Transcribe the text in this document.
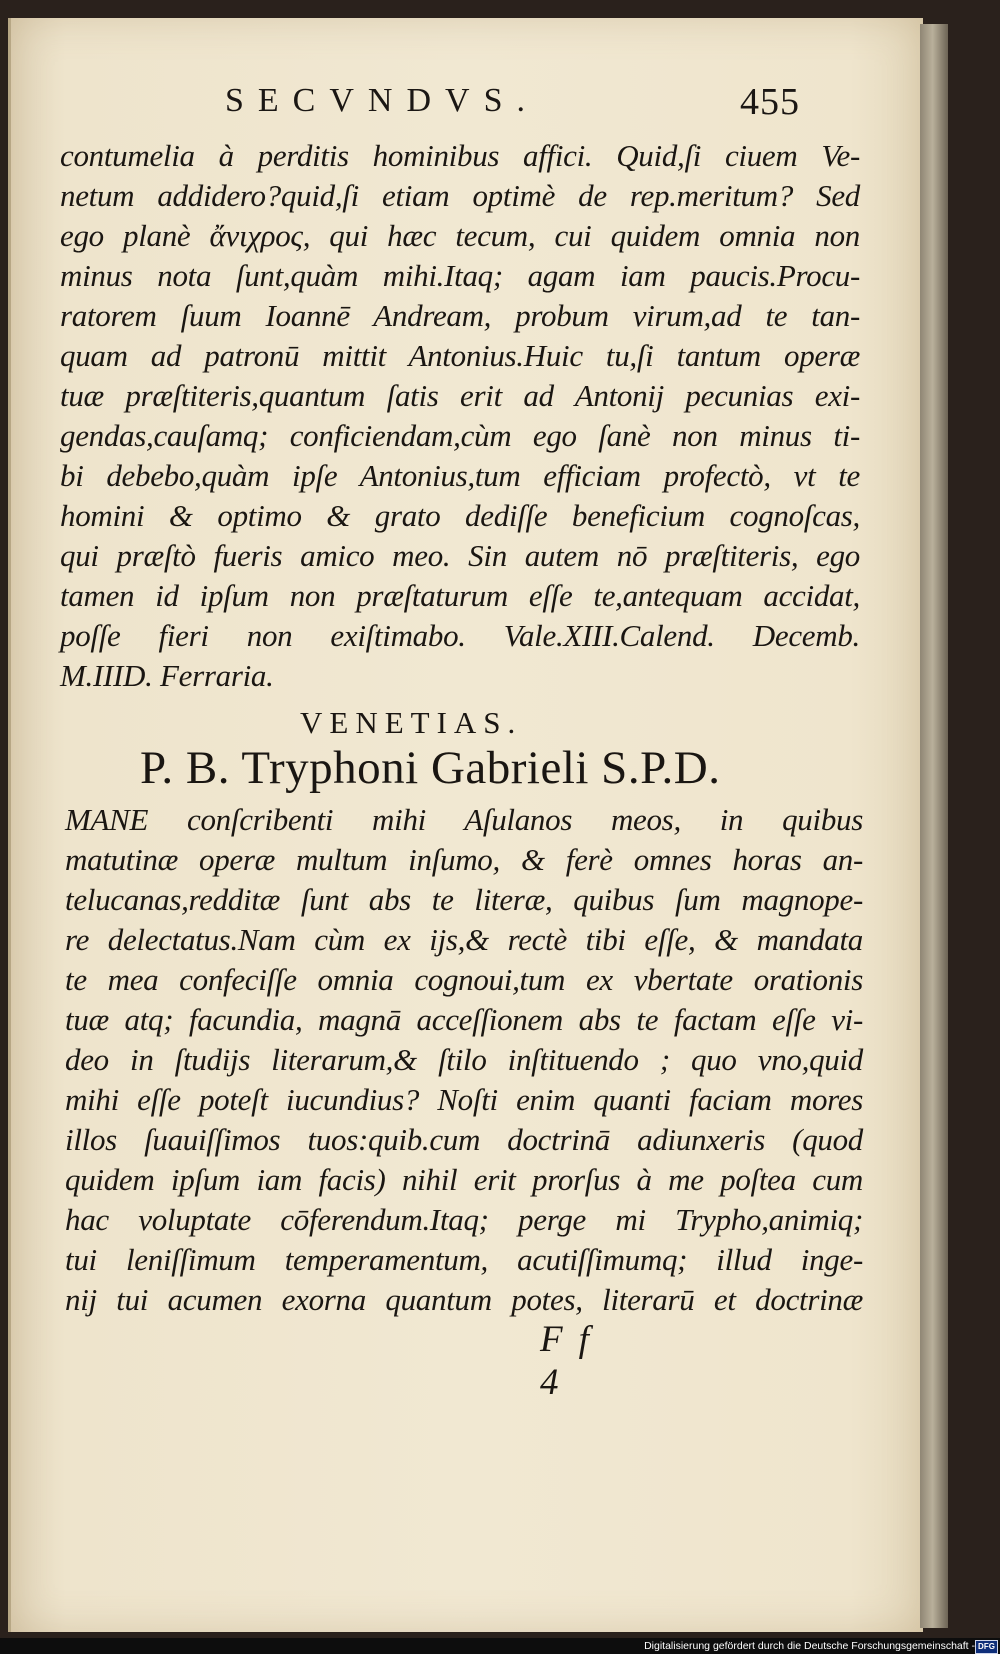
SECVNDVS.	455
contumelia à perditis hominibus affici. Quid,ſi ciuem Ve-
netum addidero?quid,ſi etiam optimè de rep.meritum? Sed
ego planè ἄνιχρος, qui hæc tecum, cui quidem omnia non
minus nota ſunt,quàm mihi.Itaq; agam iam paucis.Procu-
ratorem ſuum Ioannē Andream, probum virum,ad te tan-
quam ad patronū mittit Antonius.Huic tu,ſi tantum operæ
tuæ præſtiteris,quantum ſatis erit ad Antonij pecunias exi-
gendas,cauſamq; conficiendam,cùm ego ſanè non minus ti-
bi debebo,quàm ipſe Antonius,tum efficiam profectò, vt te
homini & optimo & grato dediſſe beneficium cognoſcas,
qui præſtò fueris amico meo. Sin autem nō præſtiteris, ego
tamen id ipſum non præſtaturum eſſe te,antequam accidat,
poſſe fieri non exiſtimabo. Vale.XIII.Calend. Decemb.
M.IIID. Ferraria.
VENETIAS.
P. B. Tryphoni Gabrieli S.P.D.
MANE conſcribenti mihi Aſulanos meos, in quibus
matutinæ operæ multum inſumo, & ferè omnes horas an-
telucanas,redditæ ſunt abs te literæ, quibus ſum magnope-
re delectatus.Nam cùm ex ijs,& rectè tibi eſſe, & mandata
te mea confeciſſe omnia cognoui,tum ex vbertate orationis
tuæ atq; facundia, magnā acceſſionem abs te factam eſſe vi-
deo in ſtudijs literarum,& ſtilo inſtituendo ; quo vno,quid
mihi eſſe poteſt iucundius? Noſti enim quanti faciam mores
illos ſuauiſſimos tuos:quib.cum doctrinā adiunxeris (quod
quidem ipſum iam facis) nihil erit prorſus à me poſtea cum
hac voluptate cōferendum.Itaq; perge mi Trypho,animiq;
tui leniſſimum temperamentum, acutiſſimumq; illud inge-
nij tui acumen exorna quantum potes, literarū et doctrinæ
Ff 4
Digitalisierung gefördert durch die Deutsche Forschungsgemeinschaft - DFG
